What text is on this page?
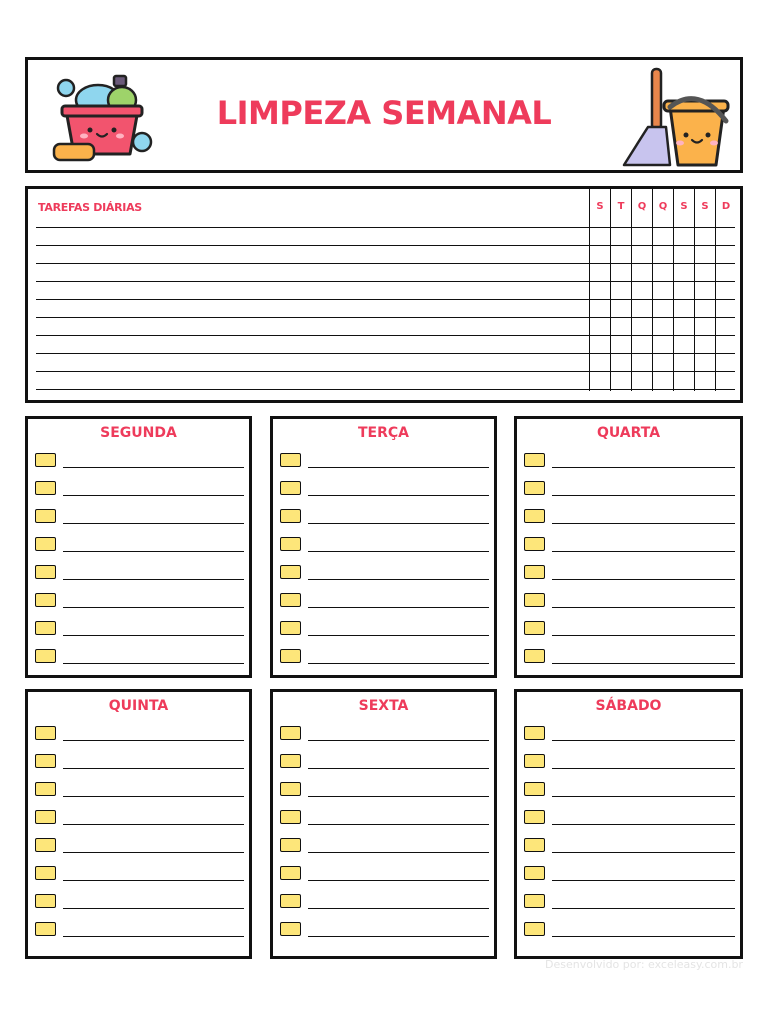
LIMPEZA SEMANAL
TAREFAS DIÁRIAS	S	T	Q	Q	S	S	D
SEGUNDA	TERÇA	QUARTA
QUINTA	SEXTA	SÁBADO
Desenvolvido por: exceleasy.com.br
